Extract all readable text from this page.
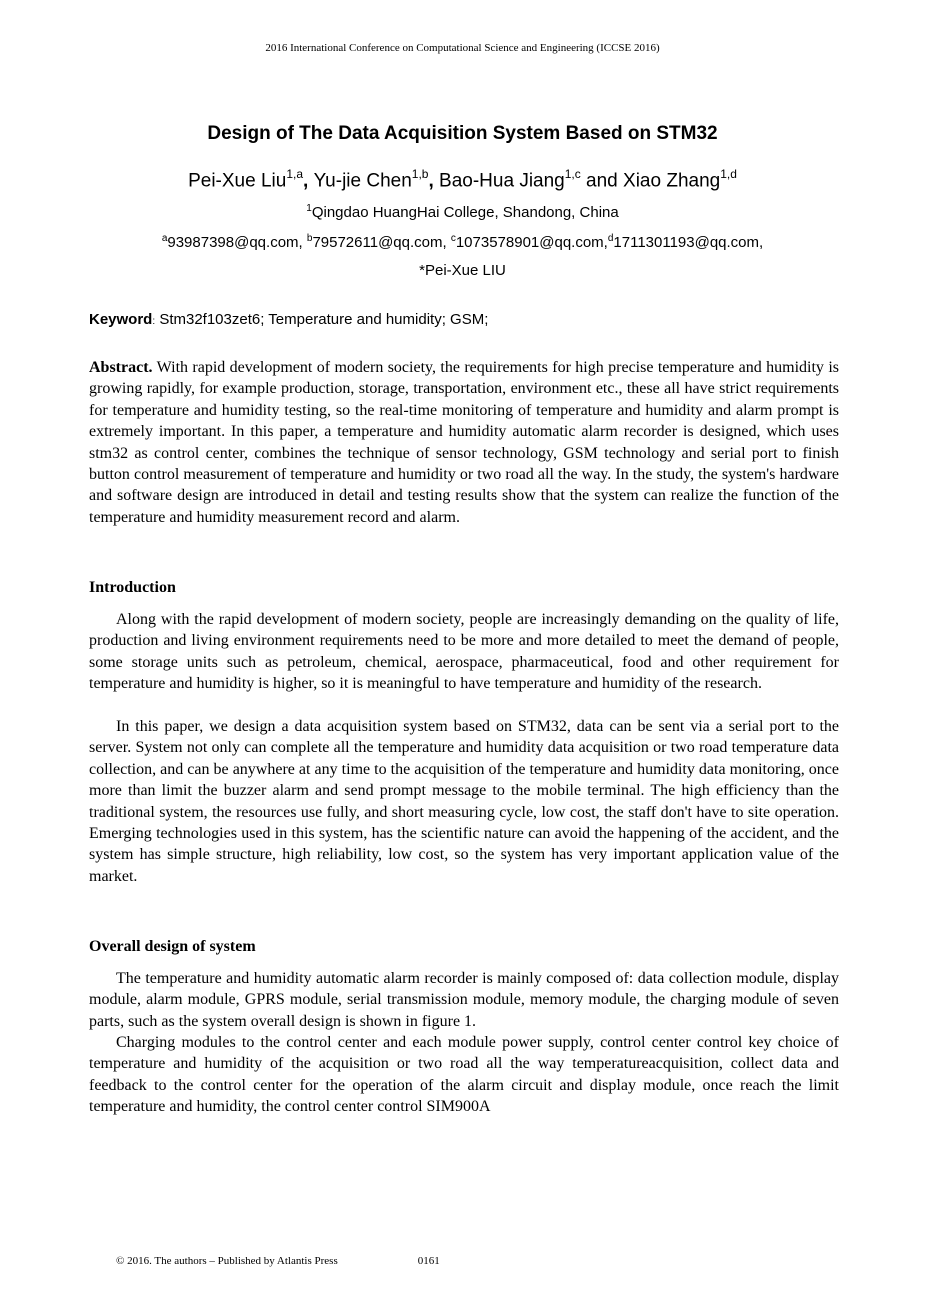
2016 International Conference on Computational Science and Engineering (ICCSE 2016)
Design of The Data Acquisition System Based on STM32
Pei-Xue Liu$^{1,a}$, Yu-jie Chen$^{1,b}$, Bao-Hua Jiang$^{1,c}$ and Xiao Zhang$^{1,d}$
$^1$Qingdao HuangHai College, Shandong, China
$^a$93987398@qq.com, $^b$79572611@qq.com, $^c$1073578901@qq.com,$^d$1711301193@qq.com,
*Pei-Xue LIU
Keyword: Stm32f103zet6; Temperature and humidity; GSM;
Abstract. With rapid development of modern society, the requirements for high precise temperature and humidity is growing rapidly, for example production, storage, transportation, environment etc., these all have strict requirements for temperature and humidity testing, so the real-time monitoring of temperature and humidity and alarm prompt is extremely important. In this paper, a temperature and humidity automatic alarm recorder is designed, which uses stm32 as control center, combines the technique of sensor technology, GSM technology and serial port to finish button control measurement of temperature and humidity or two road all the way. In the study, the system's hardware and software design are introduced in detail and testing results show that the system can realize the function of the temperature and humidity measurement record and alarm.
Introduction
Along with the rapid development of modern society, people are increasingly demanding on the quality of life, production and living environment requirements need to be more and more detailed to meet the demand of people, some storage units such as petroleum, chemical, aerospace, pharmaceutical, food and other requirement for temperature and humidity is higher, so it is meaningful to have temperature and humidity of the research.
In this paper, we design a data acquisition system based on STM32, data can be sent via a serial port to the server. System not only can complete all the temperature and humidity data acquisition or two road temperature data collection, and can be anywhere at any time to the acquisition of the temperature and humidity data monitoring, once more than limit the buzzer alarm and send prompt message to the mobile terminal. The high efficiency than the traditional system, the resources use fully, and short measuring cycle, low cost, the staff don't have to site operation. Emerging technologies used in this system, has the scientific nature can avoid the happening of the accident, and the system has simple structure, high reliability, low cost, so the system has very important application value of the market.
Overall design of system
The temperature and humidity automatic alarm recorder is mainly composed of: data collection module, display module, alarm module, GPRS module, serial transmission module, memory module, the charging module of seven parts, such as the system overall design is shown in figure 1.
Charging modules to the control center and each module power supply, control center control key choice of temperature and humidity of the acquisition or two road all the way temperatureacquisition, collect data and feedback to the control center for the operation of the alarm circuit and display module, once reach the limit temperature and humidity, the control center control SIM900A
© 2016. The authors – Published by Atlantis Press	0161
